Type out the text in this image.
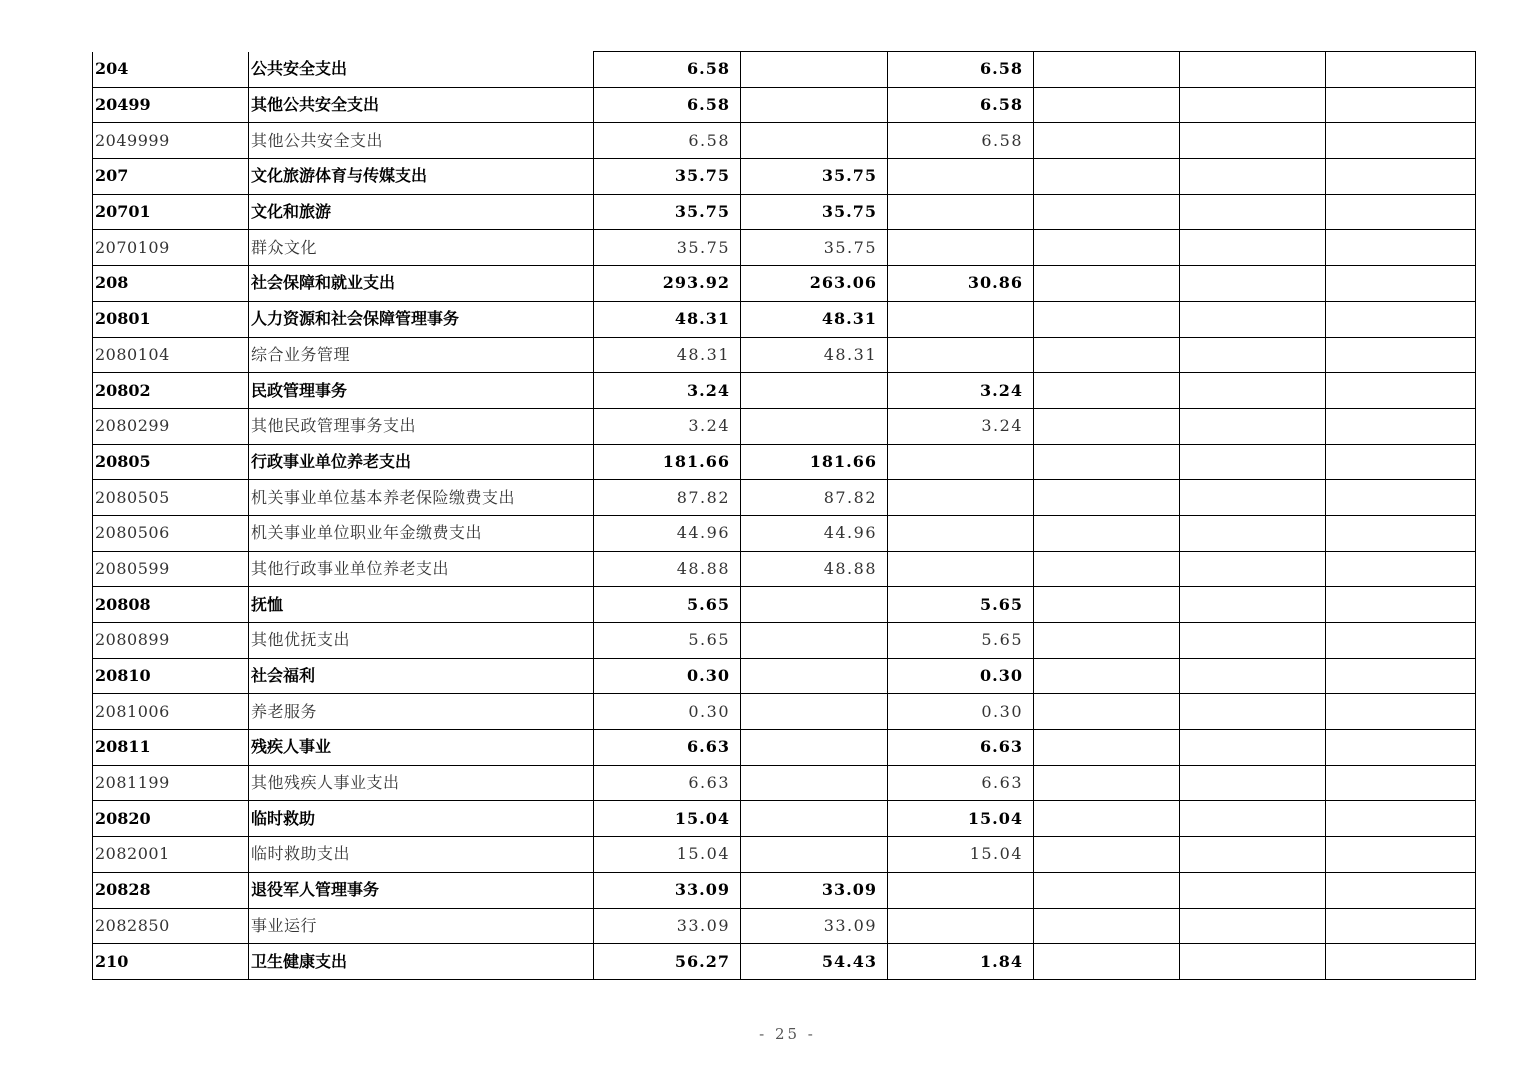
204	公共安全支出	6.58		6.58			
20499	其他公共安全支出	6.58		6.58			
2049999	其他公共安全支出	6.58		6.58			
207	文化旅游体育与传媒支出	35.75	35.75				
20701	文化和旅游	35.75	35.75				
2070109	群众文化	35.75	35.75				
208	社会保障和就业支出	293.92	263.06	30.86			
20801	人力资源和社会保障管理事务	48.31	48.31				
2080104	综合业务管理	48.31	48.31				
20802	民政管理事务	3.24		3.24			
2080299	其他民政管理事务支出	3.24		3.24			
20805	行政事业单位养老支出	181.66	181.66				
2080505	机关事业单位基本养老保险缴费支出	87.82	87.82				
2080506	机关事业单位职业年金缴费支出	44.96	44.96				
2080599	其他行政事业单位养老支出	48.88	48.88				
20808	抚恤	5.65		5.65			
2080899	其他优抚支出	5.65		5.65			
20810	社会福利	0.30		0.30			
2081006	养老服务	0.30		0.30			
20811	残疾人事业	6.63		6.63			
2081199	其他残疾人事业支出	6.63		6.63			
20820	临时救助	15.04		15.04			
2082001	临时救助支出	15.04		15.04			
20828	退役军人管理事务	33.09	33.09				
2082850	事业运行	33.09	33.09				
210	卫生健康支出	56.27	54.43	1.84			
- 25 -
